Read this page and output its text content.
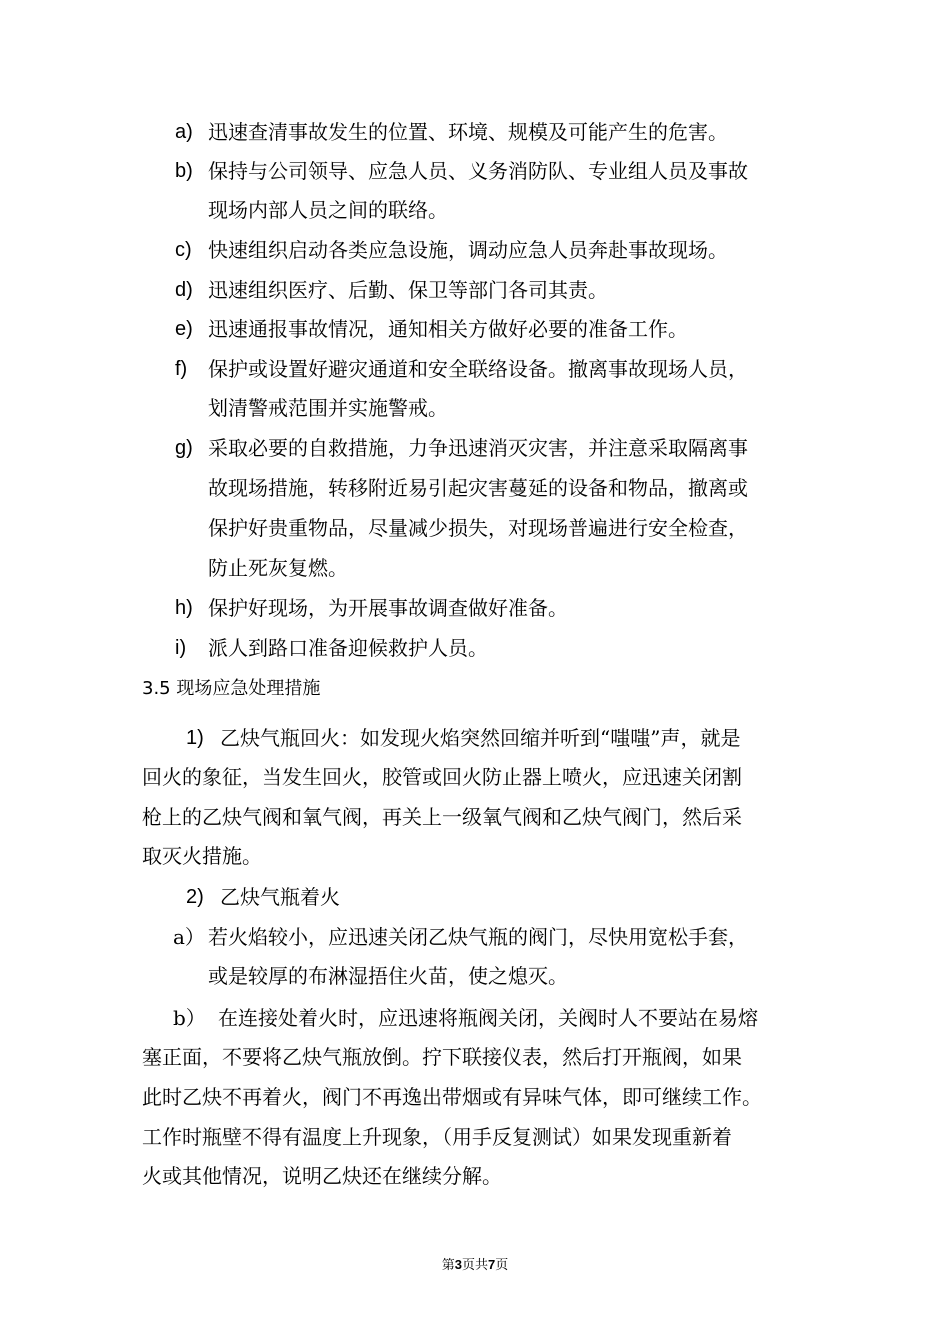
a) 迅速查清事故发生的位置、环境、规模及可能产生的危害。
b) 保持与公司领导、应急人员、义务消防队、专业组人员及事故
现场内部人员之间的联络。
c) 快速组织启动各类应急设施，调动应急人员奔赴事故现场。
d) 迅速组织医疗、后勤、保卫等部门各司其责。
e) 迅速通报事故情况，通知相关方做好必要的准备工作。
f) 保护或设置好避灾通道和安全联络设备。撤离事故现场人员，
划清警戒范围并实施警戒。
g) 采取必要的自救措施，力争迅速消灭灾害，并注意采取隔离事
故现场措施，转移附近易引起灾害蔓延的设备和物品，撤离或
保护好贵重物品，尽量减少损失，对现场普遍进行安全检查，
防止死灰复燃。
h) 保护好现场，为开展事故调查做好准备。
i) 派人到路口准备迎候救护人员。
3.5 现场应急处理措施
1) 乙炔气瓶回火：如发现火焰突然回缩并听到“嗤嗤”声，就是
回火的象征，当发生回火，胶管或回火防止器上喷火，应迅速关闭割
枪上的乙炔气阀和氧气阀，再关上一级氧气阀和乙炔气阀门，然后采
取灭火措施。
2) 乙炔气瓶着火
a） 若火焰较小，应迅速关闭乙炔气瓶的阀门，尽快用宽松手套，
或是较厚的布淋湿捂住火苗，使之熄灭。
b） 在连接处着火时，应迅速将瓶阀关闭，关阀时人不要站在易熔
塞正面，不要将乙炔气瓶放倒。拧下联接仪表，然后打开瓶阀，如果
此时乙炔不再着火，阀门不再逸出带烟或有异味气体，即可继续工作。
工作时瓶壁不得有温度上升现象，（用手反复测试）如果发现重新着
火或其他情况，说明乙炔还在继续分解。
第3页共7页
